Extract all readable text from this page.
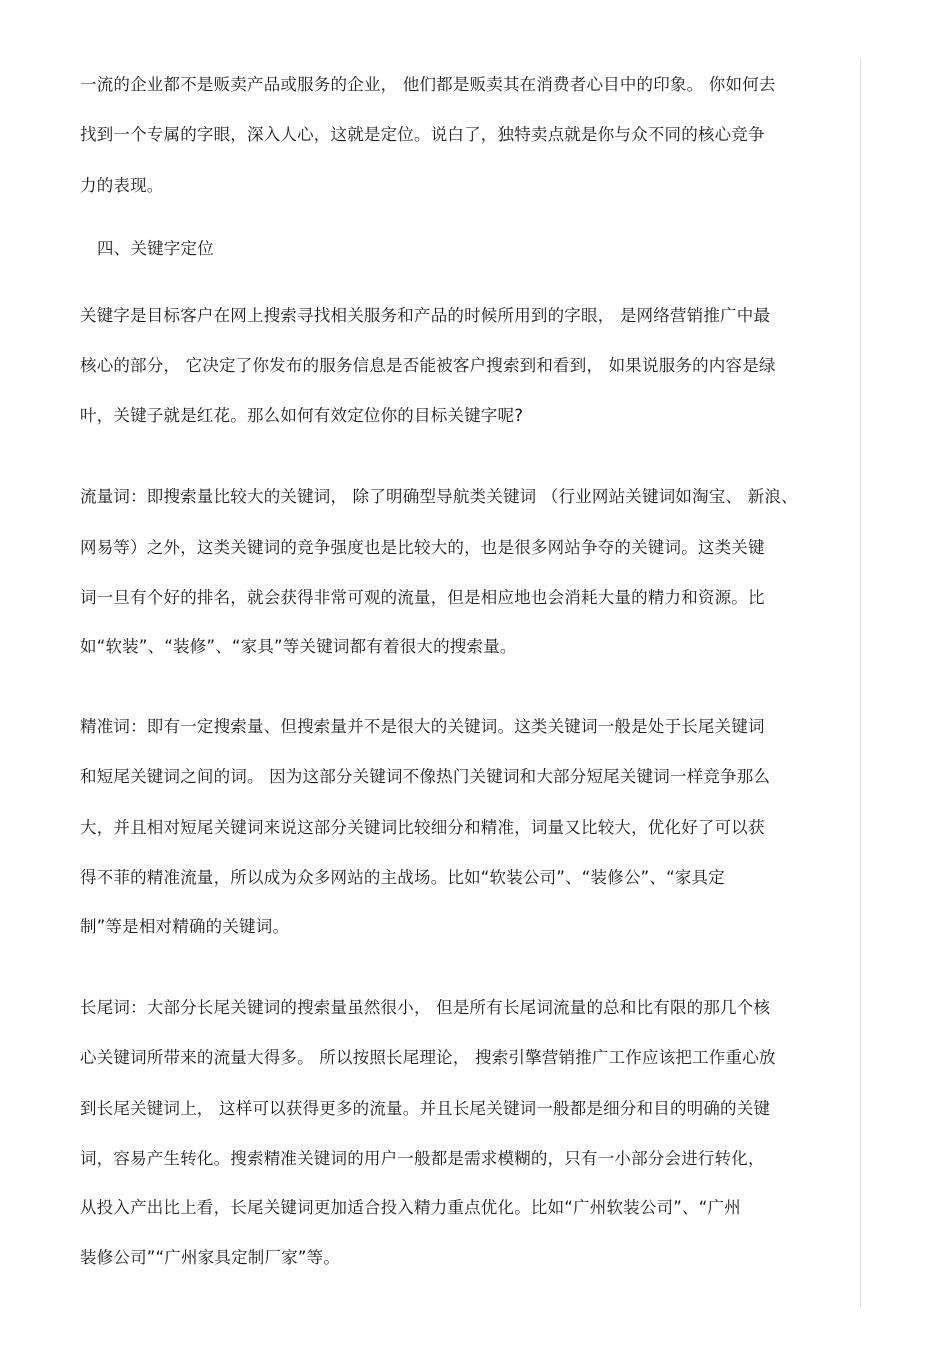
一流的企业都不是贩卖产品或服务的企业， 他们都是贩卖其在消费者心目中的印象。 你如何去
找到一个专属的字眼，深入人心，这就是定位。说白了，独特卖点就是你与众不同的核心竞争
力的表现。
四、关键字定位
关键字是目标客户在网上搜索寻找相关服务和产品的时候所用到的字眼， 是网络营销推广中最
核心的部分， 它决定了你发布的服务信息是否能被客户搜索到和看到， 如果说服务的内容是绿
叶，关键子就是红花。那么如何有效定位你的目标关键字呢?
流量词：即搜索量比较大的关键词， 除了明确型导航类关键词 （行业网站关键词如淘宝、 新浪、
网易等）之外，这类关键词的竞争强度也是比较大的，也是很多网站争夺的关键词。这类关键
词一旦有个好的排名，就会获得非常可观的流量，但是相应地也会消耗大量的精力和资源。比
如“软装”、“装修”、“家具”等关键词都有着很大的搜索量。
精准词：即有一定搜索量、但搜索量并不是很大的关键词。这类关键词一般是处于长尾关键词
和短尾关键词之间的词。 因为这部分关键词不像热门关键词和大部分短尾关键词一样竞争那么
大，并且相对短尾关键词来说这部分关键词比较细分和精准，词量又比较大，优化好了可以获
得不菲的精准流量，所以成为众多网站的主战场。比如“软装公司”、“装修公”、“家具定
制”等是相对精确的关键词。
长尾词：大部分长尾关键词的搜索量虽然很小， 但是所有长尾词流量的总和比有限的那几个核
心关键词所带来的流量大得多。 所以按照长尾理论， 搜索引擎营销推广工作应该把工作重心放
到长尾关键词上， 这样可以获得更多的流量。并且长尾关键词一般都是细分和目的明确的关键
词，容易产生转化。搜索精准关键词的用户一般都是需求模糊的，只有一小部分会进行转化，
从投入产出比上看，长尾关键词更加适合投入精力重点优化。比如“广州软装公司”、“广州
装修公司”“广州家具定制厂家”等。
